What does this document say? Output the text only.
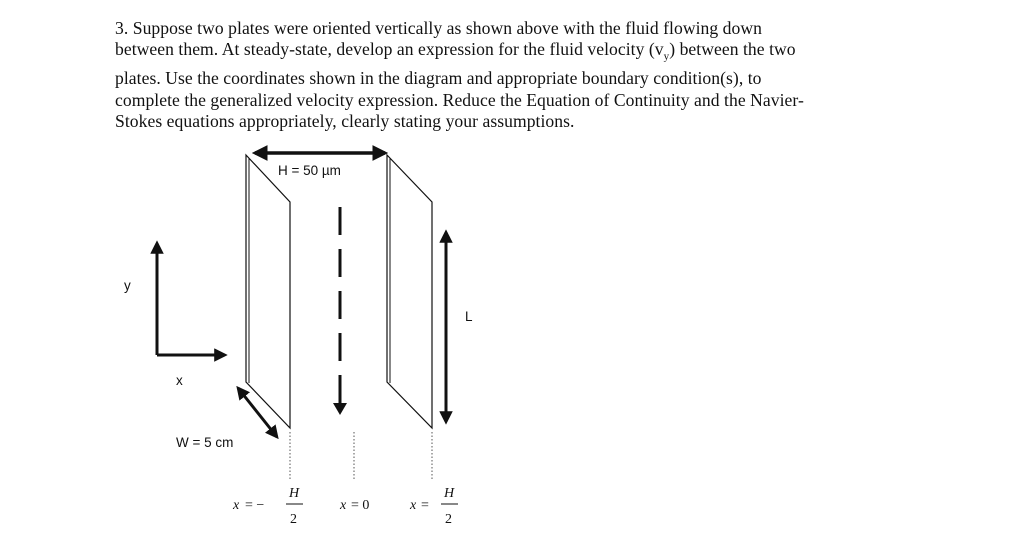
3. Suppose two plates were oriented vertically as shown above with the fluid flowing down
between them. At steady-state, develop an expression for the fluid velocity $(v_y)$ between the two
plates. Use the coordinates shown in the diagram and appropriate boundary condition(s), to
complete the generalized velocity expression. Reduce the Equation of Continuity and the Navier-
Stokes equations appropriately, clearly stating your assumptions.
H = 50 µm
y
x
W = 5 cm
L
x = −
H
2
x = 0	x =
H
2
